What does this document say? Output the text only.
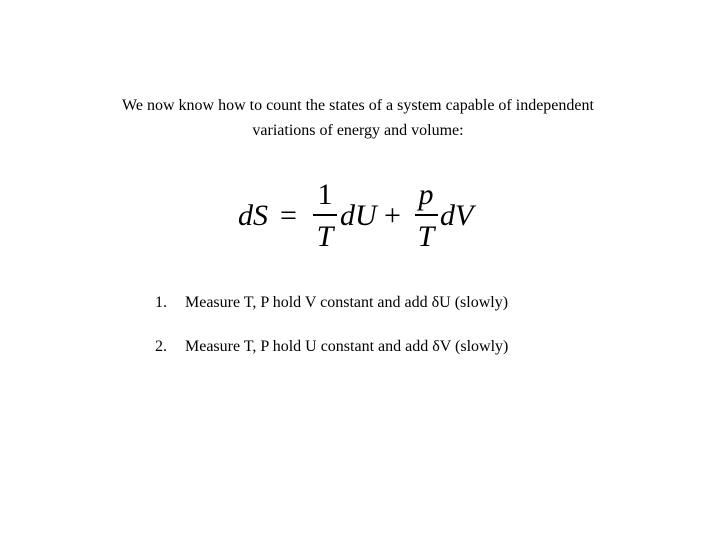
We now know how to count the states of a system capable of independent
variations of energy and volume:
dS =
1
T
dU +
p
T
dV
1. Measure T, P hold V constant and add δU (slowly)
2. Measure T, P hold U constant and add δV (slowly)
